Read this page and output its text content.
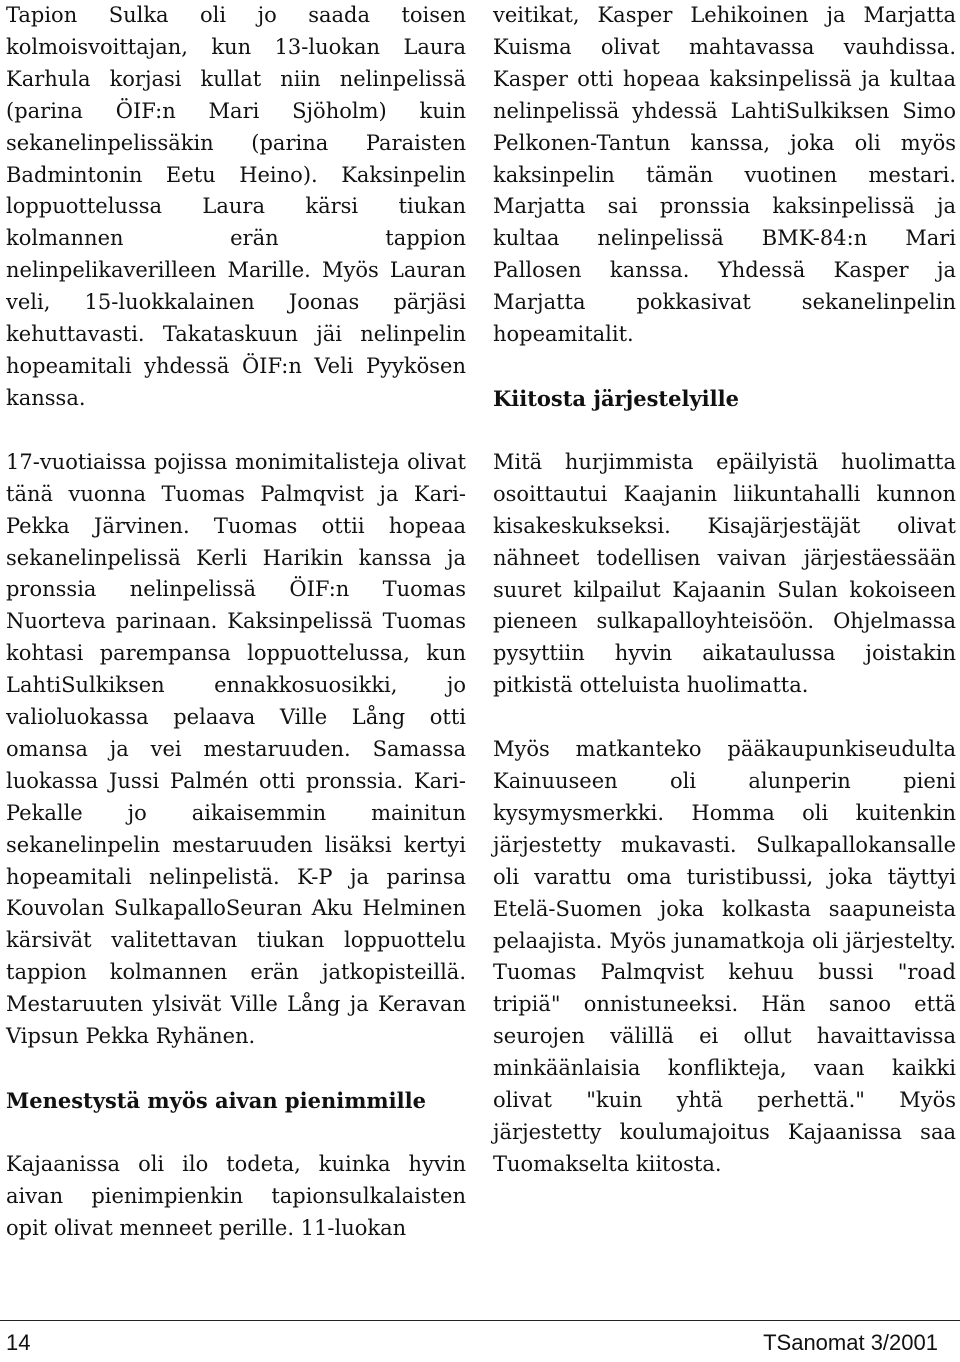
Tapion Sulka oli jo saada toisen kolmoisvoittajan, kun 13-luokan Laura Karhula korjasi kullat niin nelinpelissä (parina ÖIF:n Mari Sjöholm) kuin sekanelinpelissäkin (parina Paraisten Badmintonin Eetu Heino). Kaksinpelin loppuottelussa Laura kärsi tiukan kolmannen erän tappion nelinpelikaverilleen Marille. Myös Lauran veli, 15-luokkalainen Joonas pärjäsi kehuttavasti. Takataskuun jäi nelinpelin hopeamitali yhdessä ÖIF:n Veli Pyykösen kanssa.

17-vuotiaissa pojissa monimitalisteja olivat tänä vuonna Tuomas Palmqvist ja Kari-Pekka Järvinen. Tuomas ottii hopeaa sekanelinpelissä Kerli Harikin kanssa ja pronssia nelinpelissä ÖIF:n Tuomas Nuorteva parinaan. Kaksinpelissä Tuomas kohtasi parempansa loppuottelussa, kun LahtiSulkiksen ennakkosuosikki, jo valioluokassa pelaava Ville Lång otti omansa ja vei mestaruuden. Samassa luokassa Jussi Palmén otti pronssia. Kari-Pekalle jo aikaisemmin mainitun sekanelinpelin mestaruuden lisäksi kertyi hopeamitali nelinpelistä. K-P ja parinsa Kouvolan SulkapalloSeuran Aku Helminen kärsivät valitettavan tiukan loppuottelu tappion kolmannen erän jatkopisteillä. Mestaruuten ylsivät Ville Lång ja Keravan Vipsun Pekka Ryhänen.

Menestystä myös aivan pienimmille

Kajaanissa oli ilo todeta, kuinka hyvin aivan pienimpienkin tapionsulkalaisten opit olivat menneet perille. 11-luokan

veitikat, Kasper Lehikoinen ja Marjatta Kuisma olivat mahtavassa vauhdissa. Kasper otti hopeaa kaksinpelissä ja kultaa nelinpelissä yhdessä LahtiSulkiksen Simo Pelkonen-Tantun kanssa, joka oli myös kaksinpelin tämän vuotinen mestari. Marjatta sai pronssia kaksinpelissä ja kultaa nelinpelissä BMK-84:n Mari Pallosen kanssa. Yhdessä Kasper ja Marjatta pokkasivat sekanelinpelin hopeamitalit.

Kiitosta järjestelyille

Mitä hurjimmista epäilyistä huolimatta osoittautui Kaajanin liikuntahalli kunnon kisakeskukseksi. Kisajärjestäjät olivat nähneet todellisen vaivan järjestäessään suuret kilpailut Kajaanin Sulan kokoiseen pieneen sulkapalloyhteisöön. Ohjelmassa pysyttiin hyvin aikataulussa joistakin pitkistä otteluista huolimatta.

Myös matkanteko pääkaupunkiseudulta Kainuuseen oli alunperin pieni kysymysmerkki. Homma oli kuitenkin järjestetty mukavasti. Sulkapallokansalle oli varattu oma turistibussi, joka täyttyi Etelä-Suomen joka kolkasta saapuneista pelaajista. Myös junamatkoja oli järjestelty. Tuomas Palmqvist kehuu bussi "road tripiä" onnistuneeksi. Hän sanoo että seurojen välillä ei ollut havaittavissa minkäänlaisia konflikteja, vaan kaikki olivat "kuin yhtä perhettä." Myös järjestetty koulumajoitus Kajaanissa saa Tuomakselta kiitosta.

14	TSanomat 3/2001
